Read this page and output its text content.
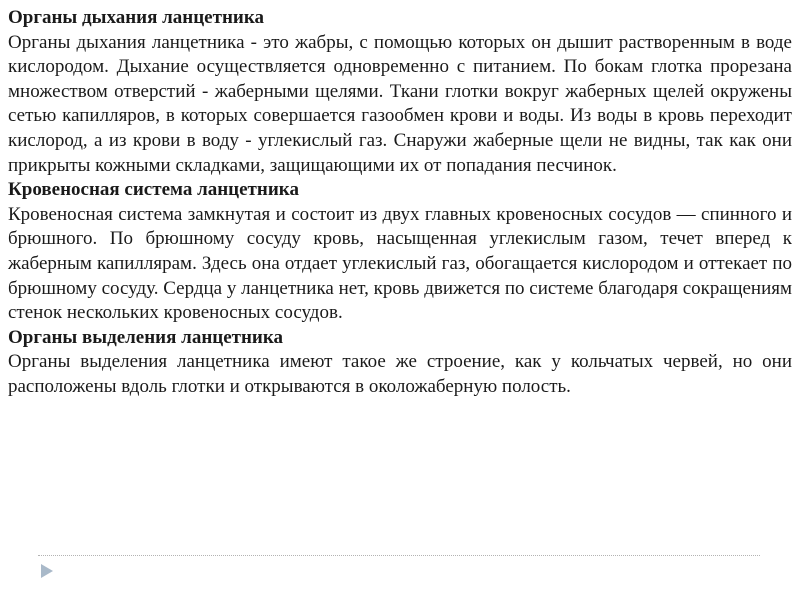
Органы дыхания ланцетника

Органы дыхания ланцетника - это жабры, с помощью которых он дышит растворенным в воде кислородом. Дыхание осуществляется одновременно с питанием. По бокам глотка прорезана множеством отверстий - жаберными щелями. Ткани глотки вокруг жаберных щелей окружены сетью капилляров, в которых совершается газообмен крови и воды. Из воды в кровь переходит кислород, а из крови в воду - углекислый газ. Снаружи жаберные щели не видны, так как они прикрыты кожными складками, защищающими их от попадания песчинок.

Кровеносная система ланцетника

Кровеносная система замкнутая и состоит из двух главных кровеносных сосудов — спинного и брюшного. По брюшному сосуду кровь, насыщенная углекислым газом, течет вперед к жаберным капиллярам. Здесь она отдает углекислый газ, обогащается кислородом и оттекает по брюшному сосуду. Сердца у ланцетника нет, кровь движется по системе благодаря сокращениям стенок нескольких кровеносных сосудов.

Органы выделения ланцетника

Органы выделения ланцетника имеют такое же строение, как у кольчатых червей, но они расположены вдоль глотки и открываются в околожаберную полость.
